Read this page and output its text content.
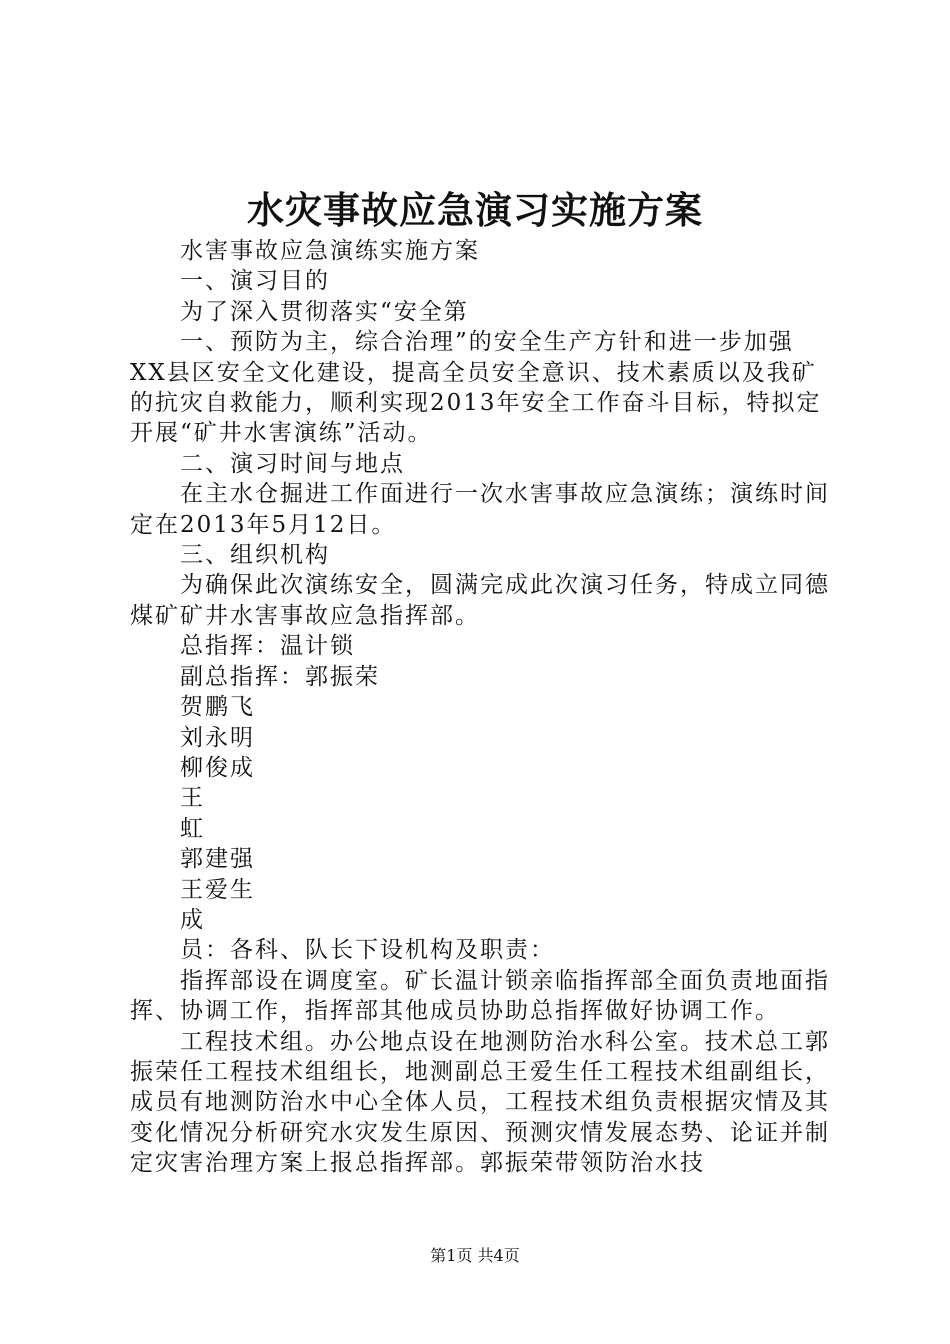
水灾事故应急演习实施方案

水害事故应急演练实施方案

一、演习目的

为了深入贯彻落实“安全第

一、预防为主，综合治理”的安全生产方针和进一步加强XX县区安全文化建设，提高全员安全意识、技术素质以及我矿的抗灾自救能力，顺利实现2013年安全工作奋斗目标，特拟定开展“矿井水害演练”活动。

二、演习时间与地点

在主水仓掘进工作面进行一次水害事故应急演练；演练时间定在2013年5月12日。

三、组织机构

为确保此次演练安全，圆满完成此次演习任务，特成立同德煤矿矿井水害事故应急指挥部。

总指挥：温计锁

副总指挥：郭振荣

贺鹏飞

刘永明

柳俊成

王

虹

郭建强

王爱生

成

员：各科、队长下设机构及职责：

指挥部设在调度室。矿长温计锁亲临指挥部全面负责地面指挥、协调工作，指挥部其他成员协助总指挥做好协调工作。

工程技术组。办公地点设在地测防治水科公室。技术总工郭振荣任工程技术组组长，地测副总王爱生任工程技术组副组长，成员有地测防治水中心全体人员，工程技术组负责根据灾情及其变化情况分析研究水灾发生原因、预测灾情发展态势、论证并制定灾害治理方案上报总指挥部。郭振荣带领防治水技

第1页 共4页
